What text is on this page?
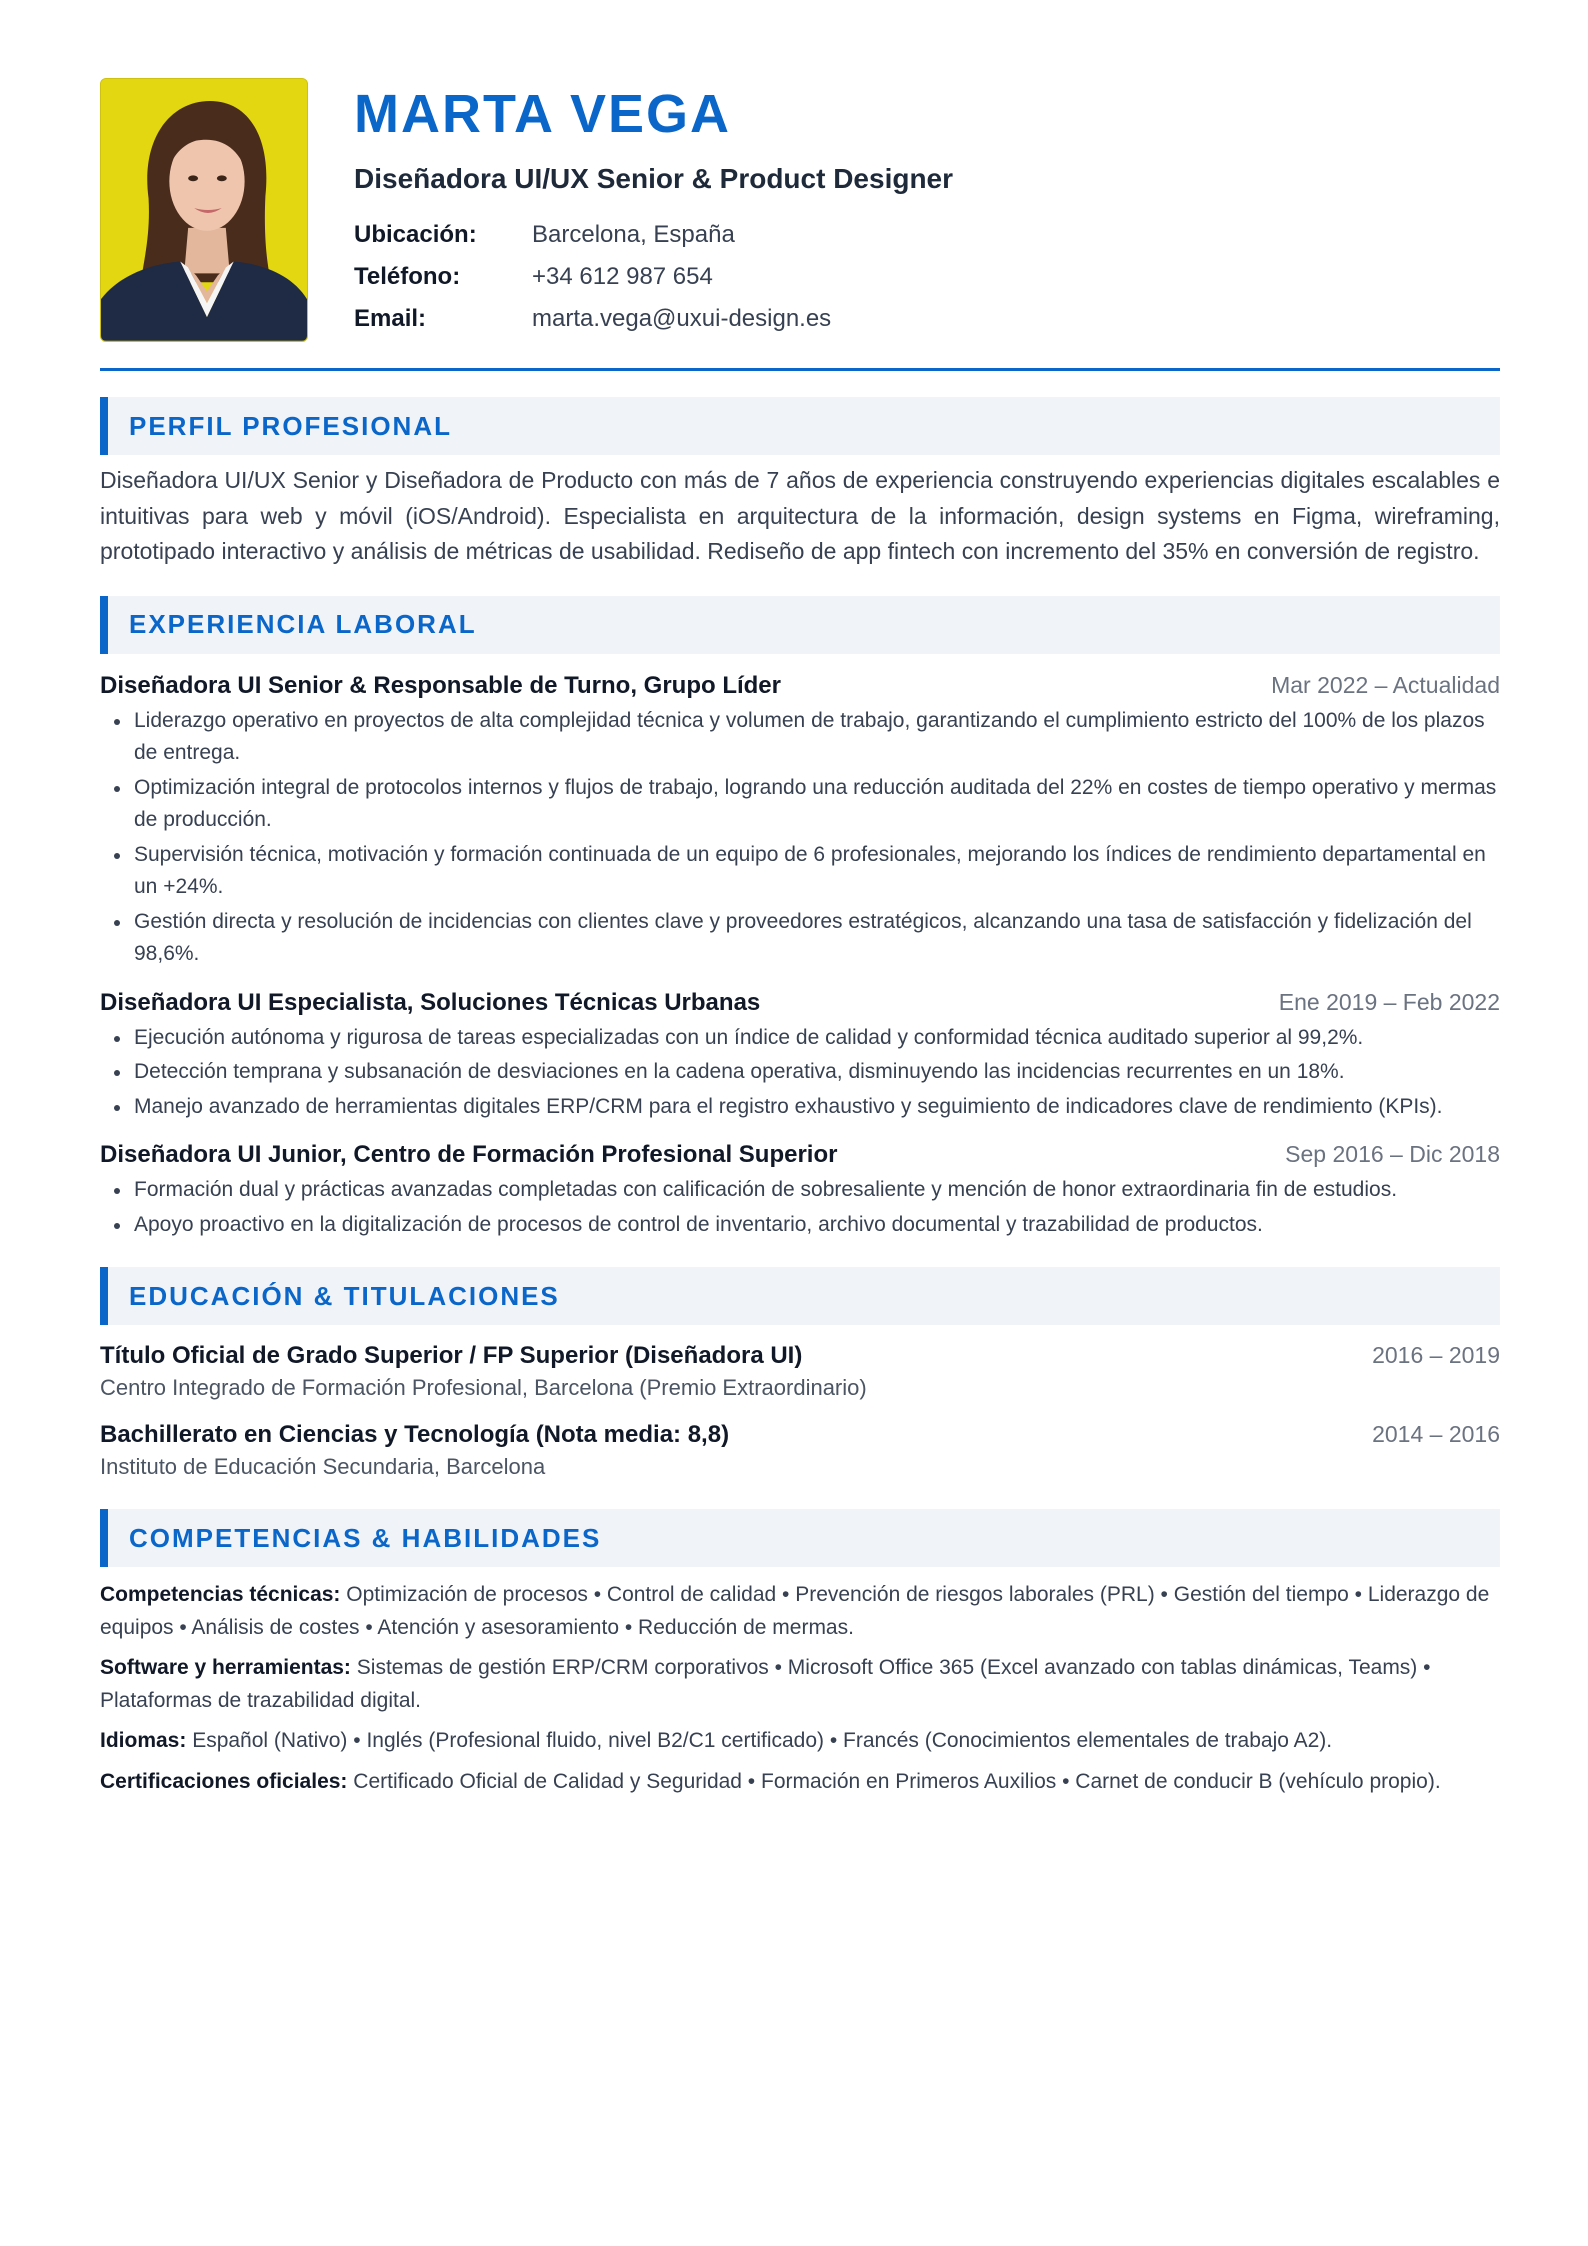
MARTA VEGA
Diseñadora UI/UX Senior & Product Designer
Ubicación:	Barcelona, España
Teléfono:	+34 612 987 654
Email:	marta.vega@uxui-design.es
PERFIL PROFESIONAL

Diseñadora UI/UX Senior y Diseñadora de Producto con más de 7 años de experiencia construyendo experiencias digitales escalables e intuitivas para web y móvil (iOS/Android). Especialista en arquitectura de la información, design systems en Figma, wireframing, prototipado interactivo y análisis de métricas de usabilidad. Rediseño de app fintech con incremento del 35% en conversión de registro.

EXPERIENCIA LABORAL
Diseñadora UI Senior & Responsable de Turno, Grupo Líder	Mar 2022 – Actualidad
Liderazgo operativo en proyectos de alta complejidad técnica y volumen de trabajo, garantizando el cumplimiento estricto del 100% de los plazos de entrega.
Optimización integral de protocolos internos y flujos de trabajo, logrando una reducción auditada del 22% en costes de tiempo operativo y mermas de producción.
Supervisión técnica, motivación y formación continuada de un equipo de 6 profesionales, mejorando los índices de rendimiento departamental en un +24%.
Gestión directa y resolución de incidencias con clientes clave y proveedores estratégicos, alcanzando una tasa de satisfacción y fidelización del 98,6%.
Diseñadora UI Especialista, Soluciones Técnicas Urbanas	Ene 2019 – Feb 2022
Ejecución autónoma y rigurosa de tareas especializadas con un índice de calidad y conformidad técnica auditado superior al 99,2%.
Detección temprana y subsanación de desviaciones en la cadena operativa, disminuyendo las incidencias recurrentes en un 18%.
Manejo avanzado de herramientas digitales ERP/CRM para el registro exhaustivo y seguimiento de indicadores clave de rendimiento (KPIs).
Diseñadora UI Junior, Centro de Formación Profesional Superior	Sep 2016 – Dic 2018
Formación dual y prácticas avanzadas completadas con calificación de sobresaliente y mención de honor extraordinaria fin de estudios.
Apoyo proactivo en la digitalización de procesos de control de inventario, archivo documental y trazabilidad de productos.
EDUCACIÓN & TITULACIONES
Título Oficial de Grado Superior / FP Superior (Diseñadora UI)	2016 – 2019
Centro Integrado de Formación Profesional, Barcelona (Premio Extraordinario)
Bachillerato en Ciencias y Tecnología (Nota media: 8,8)	2014 – 2016
Instituto de Educación Secundaria, Barcelona
COMPETENCIAS & HABILIDADES

Competencias técnicas: Optimización de procesos • Control de calidad • Prevención de riesgos laborales (PRL) • Gestión del tiempo • Liderazgo de equipos • Análisis de costes • Atención y asesoramiento • Reducción de mermas.

Software y herramientas: Sistemas de gestión ERP/CRM corporativos • Microsoft Office 365 (Excel avanzado con tablas dinámicas, Teams) • Plataformas de trazabilidad digital.

Idiomas: Español (Nativo) • Inglés (Profesional fluido, nivel B2/C1 certificado) • Francés (Conocimientos elementales de trabajo A2).

Certificaciones oficiales: Certificado Oficial de Calidad y Seguridad • Formación en Primeros Auxilios • Carnet de conducir B (vehículo propio).
